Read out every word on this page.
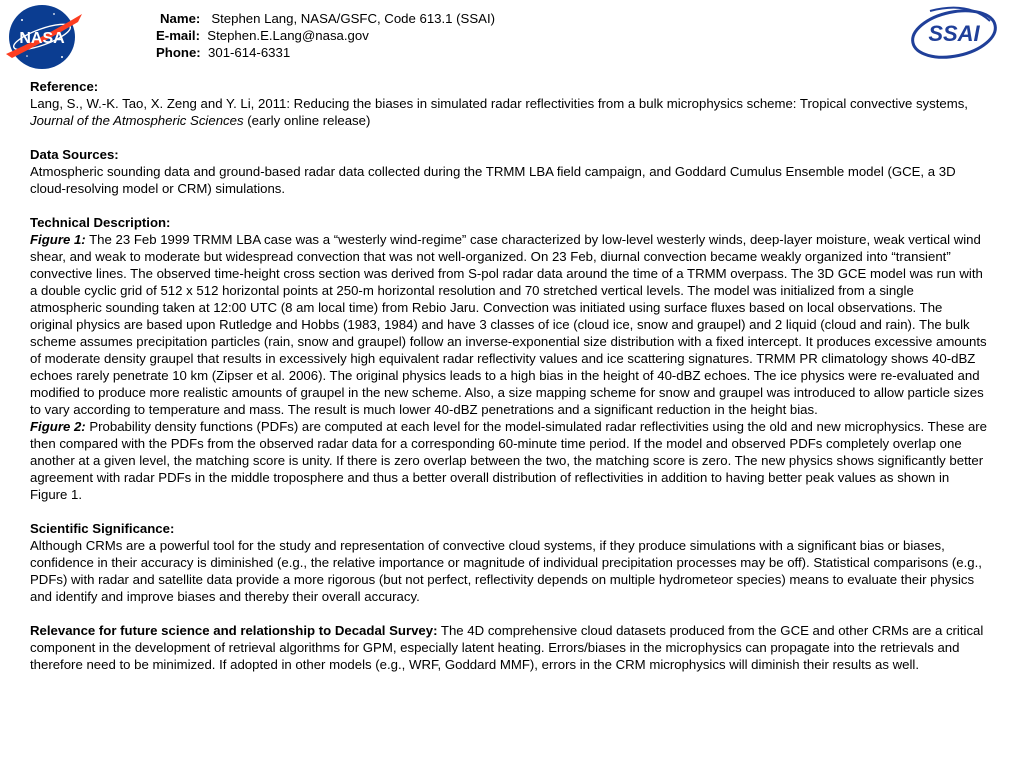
NASA	SSAI
Name: Stephen Lang, NASA/GSFC, Code 613.1 (SSAI)
E-mail: Stephen.E.Lang@nasa.gov
Phone: 301-614-6331

Reference:

Lang, S., W.-K. Tao, X. Zeng and Y. Li, 2011: Reducing the biases in simulated radar reflectivities from a bulk microphysics scheme: Tropical convective systems, Journal of the Atmospheric Sciences (early online release)

Data Sources:

Atmospheric sounding data and ground-based radar data collected during the TRMM LBA field campaign, and Goddard Cumulus Ensemble model (GCE, a 3D cloud-resolving model or CRM) simulations.

Technical Description:

Figure 1: The 23 Feb 1999 TRMM LBA case was a “westerly wind-regime” case characterized by low-level westerly winds, deep-layer moisture, weak vertical wind shear, and weak to moderate but widespread convection that was not well-organized. On 23 Feb, diurnal convection became weakly organized into “transient” convective lines. The observed time-height cross section was derived from S-pol radar data around the time of a TRMM overpass. The 3D GCE model was run with a double cyclic grid of 512 x 512 horizontal points at 250-m horizontal resolution and 70 stretched vertical levels. The model was initialized from a single atmospheric sounding taken at 12:00 UTC (8 am local time) from Rebio Jaru. Convection was initiated using surface fluxes based on local observations. The original physics are based upon Rutledge and Hobbs (1983, 1984) and have 3 classes of ice (cloud ice, snow and graupel) and 2 liquid (cloud and rain). The bulk scheme assumes precipitation particles (rain, snow and graupel) follow an inverse-exponential size distribution with a fixed intercept. It produces excessive amounts of moderate density graupel that results in excessively high equivalent radar reflectivity values and ice scattering signatures. TRMM PR climatology shows 40-dBZ echoes rarely penetrate 10 km (Zipser et al. 2006). The original physics leads to a high bias in the height of 40-dBZ echoes. The ice physics were re-evaluated and modified to produce more realistic amounts of graupel in the new scheme. Also, a size mapping scheme for snow and graupel was introduced to allow particle sizes to vary according to temperature and mass. The result is much lower 40-dBZ penetrations and a significant reduction in the height bias.

Figure 2: Probability density functions (PDFs) are computed at each level for the model-simulated radar reflectivities using the old and new microphysics. These are then compared with the PDFs from the observed radar data for a corresponding 60-minute time period. If the model and observed PDFs completely overlap one another at a given level, the matching score is unity. If there is zero overlap between the two, the matching score is zero. The new physics shows significantly better agreement with radar PDFs in the middle troposphere and thus a better overall distribution of reflectivities in addition to having better peak values as shown in Figure 1.

Scientific Significance:

Although CRMs are a powerful tool for the study and representation of convective cloud systems, if they produce simulations with a significant bias or biases, confidence in their accuracy is diminished (e.g., the relative importance or magnitude of individual precipitation processes may be off). Statistical comparisons (e.g., PDFs) with radar and satellite data provide a more rigorous (but not perfect, reflectivity depends on multiple hydrometeor species) means to evaluate their physics and identify and improve biases and thereby their overall accuracy.

Relevance for future science and relationship to Decadal Survey: The 4D comprehensive cloud datasets produced from the GCE and other CRMs are a critical component in the development of retrieval algorithms for GPM, especially latent heating. Errors/biases in the microphysics can propagate into the retrievals and therefore need to be minimized. If adopted in other models (e.g., WRF, Goddard MMF), errors in the CRM microphysics will diminish their results as well.
